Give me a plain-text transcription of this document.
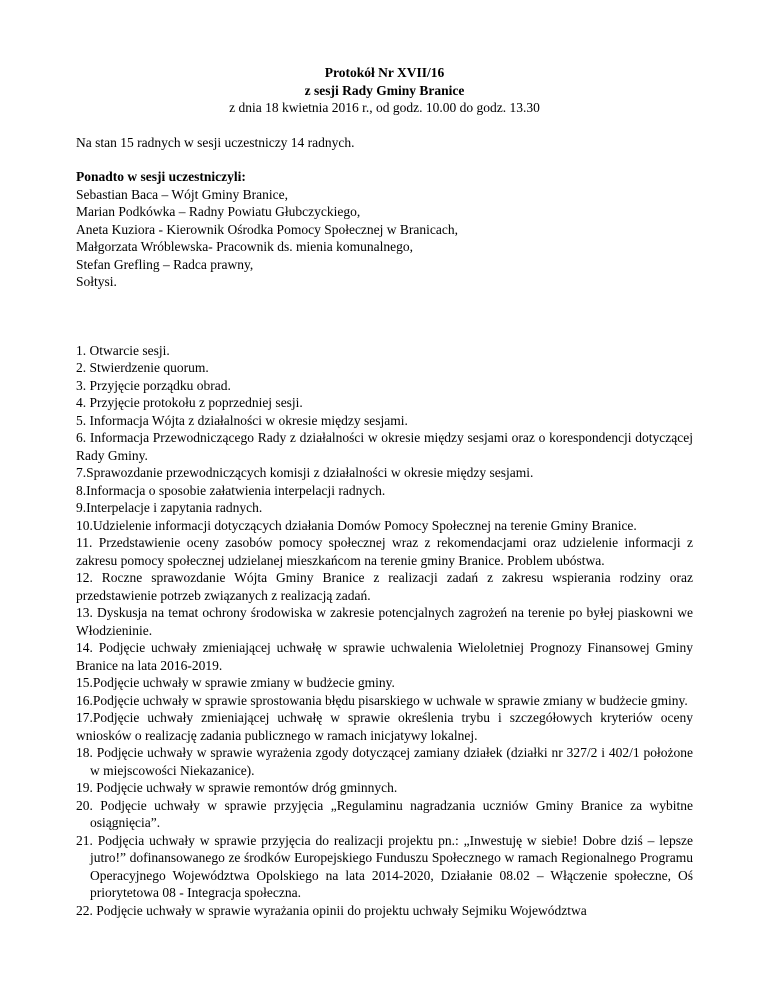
Protokół Nr XVII/16
z sesji Rady Gminy Branice
z dnia 18 kwietnia 2016 r., od godz. 10.00 do godz. 13.30
Na stan 15 radnych w sesji uczestniczy 14 radnych.
Ponadto w sesji uczestniczyli:
Sebastian Baca – Wójt Gminy Branice,
Marian Podkówka – Radny Powiatu Głubczyckiego,
Aneta Kuziora - Kierownik Ośrodka Pomocy Społecznej w Branicach,
Małgorzata Wróblewska- Pracownik ds. mienia komunalnego,
Stefan Grefling – Radca prawny,
Sołtysi.
1. Otwarcie sesji.
2. Stwierdzenie quorum.
3. Przyjęcie porządku obrad.
4. Przyjęcie protokołu z poprzedniej sesji.
5. Informacja Wójta z działalności w okresie między sesjami.
6. Informacja Przewodniczącego Rady z działalności w okresie między sesjami oraz o korespondencji dotyczącej Rady Gminy.
7.Sprawozdanie przewodniczących komisji z działalności w okresie między sesjami.
8.Informacja o sposobie załatwienia interpelacji radnych.
9.Interpelacje i zapytania radnych.
10.Udzielenie informacji dotyczących działania Domów Pomocy Społecznej na terenie Gminy Branice.
11. Przedstawienie oceny zasobów pomocy społecznej wraz z rekomendacjami oraz udzielenie informacji z zakresu pomocy społecznej udzielanej mieszkańcom na terenie gminy Branice. Problem ubóstwa.
12. Roczne sprawozdanie Wójta Gminy Branice z realizacji zadań z zakresu wspierania rodziny oraz przedstawienie potrzeb związanych z realizacją zadań.
13. Dyskusja na temat ochrony środowiska w zakresie potencjalnych zagrożeń na terenie po byłej piaskowni we Włodzieninie.
14. Podjęcie uchwały zmieniającej uchwałę w sprawie uchwalenia Wieloletniej Prognozy Finansowej Gminy Branice na lata 2016-2019.
15.Podjęcie uchwały w sprawie zmiany w budżecie gminy.
16.Podjęcie uchwały w sprawie sprostowania błędu pisarskiego w uchwale w sprawie zmiany w budżecie gminy.
17.Podjęcie uchwały zmieniającej uchwałę w sprawie określenia trybu i szczegółowych kryteriów oceny wniosków o realizację zadania publicznego w ramach inicjatywy lokalnej.
18. Podjęcie uchwały w sprawie wyrażenia zgody dotyczącej zamiany działek (działki nr 327/2 i 402/1 położone w miejscowości Niekazanice).
19. Podjęcie uchwały w sprawie remontów dróg gminnych.
20. Podjęcie uchwały w sprawie przyjęcia „Regulaminu nagradzania uczniów Gminy Branice za wybitne osiągnięcia”.
21. Podjęcia uchwały w sprawie przyjęcia do realizacji projektu pn.: „Inwestuję w siebie! Dobre dziś – lepsze jutro!” dofinansowanego ze środków Europejskiego Funduszu Społecznego w ramach Regionalnego Programu Operacyjnego Województwa Opolskiego na lata 2014-2020, Działanie 08.02 – Włączenie społeczne, Oś priorytetowa 08 - Integracja społeczna.
22. Podjęcie uchwały w sprawie wyrażania opinii do projektu uchwały Sejmiku Województwa
